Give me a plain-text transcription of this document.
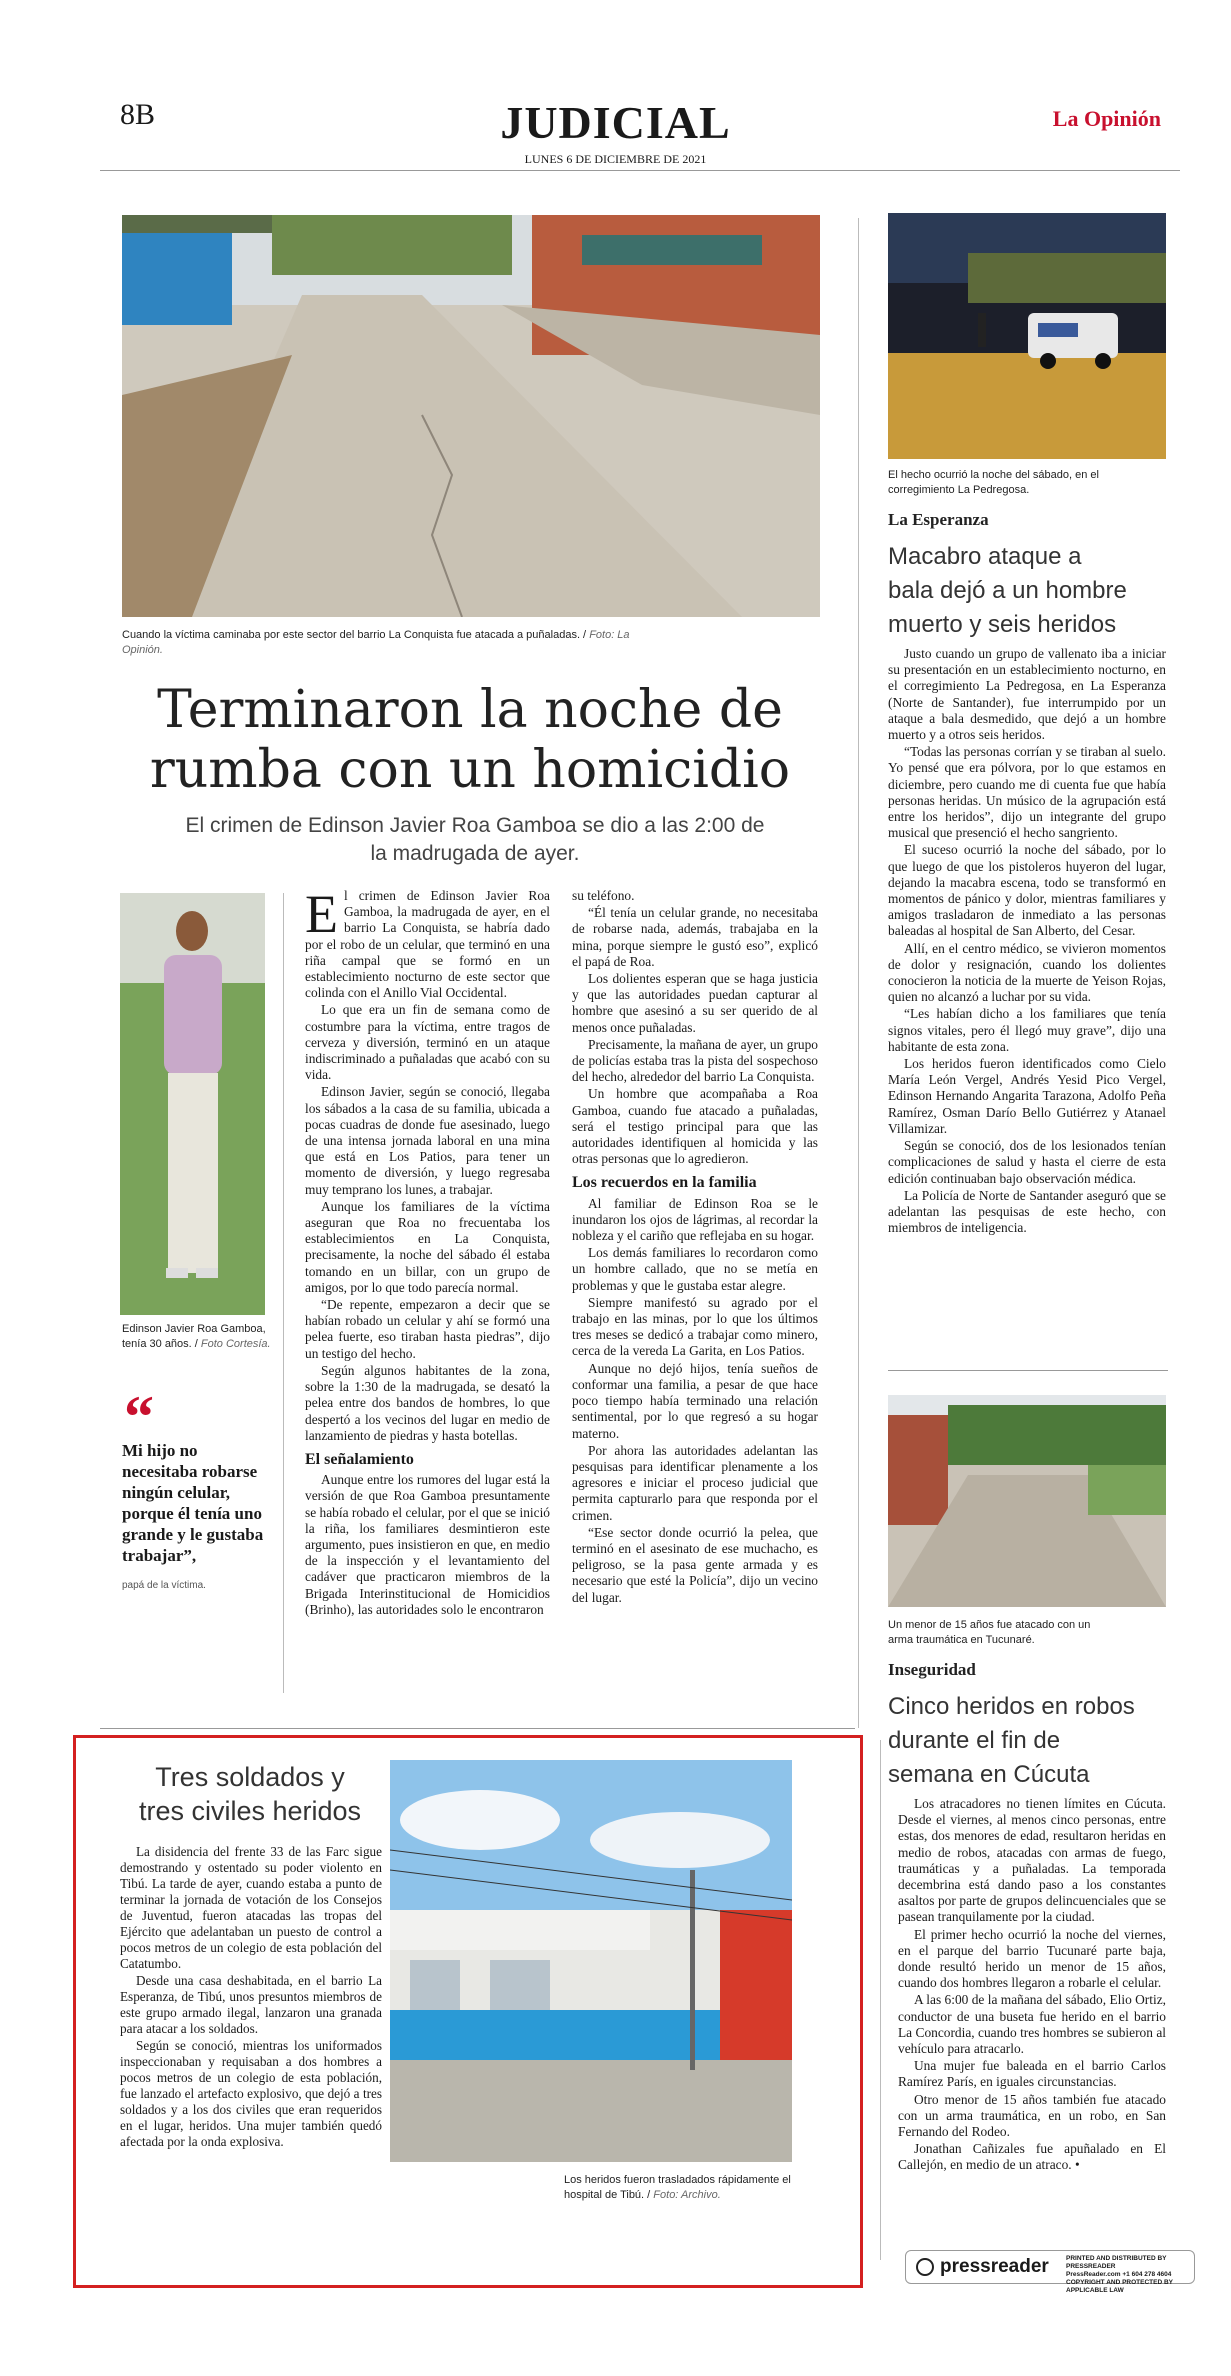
8B	JUDICIAL
LUNES 6 DE DICIEMBRE DE 2021
La Opinión
Cuando la víctima caminaba por este sector del barrio La Conquista fue atacada a puñaladas. / Foto: La Opinión.
Terminaron la noche de
rumba con un homicidio
El crimen de Edinson Javier Roa Gamboa se dio a las 2:00 de
la madrugada de ayer.
Edinson Javier Roa Gamboa, tenía 30 años. / Foto Cortesía.
“
Mi hijo no necesitaba robarse ningún celular, porque él tenía uno grande y le gustaba trabajar”,
papá de la víctima.

El crimen de Edinson Javier Roa Gamboa, la madrugada de ayer, en el barrio La Conquista, se habría dado por el robo de un celular, que terminó en una riña campal que se formó en un establecimiento nocturno de este sector que colinda con el Anillo Vial Occidental.

Lo que era un fin de semana como de costumbre para la víctima, entre tragos de cerveza y diversión, terminó en un ataque indiscriminado a puñaladas que acabó con su vida.

Edinson Javier, según se conoció, llegaba los sábados a la casa de su familia, ubicada a pocas cuadras de donde fue asesinado, luego de una intensa jornada laboral en una mina que está en Los Patios, para tener un momento de diversión, y luego regresaba muy temprano los lunes, a trabajar.

Aunque los familiares de la víctima aseguran que Roa no frecuentaba los establecimientos en La Conquista, precisamente, la noche del sábado él estaba tomando en un billar, con un grupo de amigos, por lo que todo parecía normal.

“De repente, empezaron a decir que se habían robado un celular y ahí se formó una pelea fuerte, eso tiraban hasta piedras”, dijo un testigo del hecho.

Según algunos habitantes de la zona, sobre la 1:30 de la madrugada, se desató la pelea entre dos bandos de hombres, lo que despertó a los vecinos del lugar en medio de lanzamiento de piedras y hasta botellas.

El señalamiento

Aunque entre los rumores del lugar está la versión de que Roa Gamboa presuntamente se había robado el celular, por el que se inició la riña, los familiares desmintieron este argumento, pues insistieron en que, en medio de la inspección y el levantamiento del cadáver que practicaron miembros de la Brigada Interinstitucional de Homicidios (Brinho), las autoridades solo le encontraron

su teléfono.

“Él tenía un celular grande, no necesitaba de robarse nada, además, trabajaba en la mina, porque siempre le gustó eso”, explicó el papá de Roa.

Los dolientes esperan que se haga justicia y que las autoridades puedan capturar al hombre que asesinó a su ser querido de al menos once puñaladas.

Precisamente, la mañana de ayer, un grupo de policías estaba tras la pista del sospechoso del hecho, alrededor del barrio La Conquista.

Un hombre que acompañaba a Roa Gamboa, cuando fue atacado a puñaladas, será el testigo principal para que las autoridades identifiquen al homicida y las otras personas que lo agredieron.

Los recuerdos en la familia

Al familiar de Edinson Roa se le inundaron los ojos de lágrimas, al recordar la nobleza y el cariño que reflejaba en su hogar.

Los demás familiares lo recordaron como un hombre callado, que no se metía en problemas y que le gustaba estar alegre.

Siempre manifestó su agrado por el trabajo en las minas, por lo que los últimos tres meses se dedicó a trabajar como minero, cerca de la vereda La Garita, en Los Patios.

Aunque no dejó hijos, tenía sueños de conformar una familia, a pesar de que hace poco tiempo había terminado una relación sentimental, por lo que regresó a su hogar materno.

Por ahora las autoridades adelantan las pesquisas para identificar plenamente a los agresores e iniciar el proceso judicial que permita capturarlo para que responda por el crimen.

“Ese sector donde ocurrió la pelea, que terminó en el asesinato de ese muchacho, es peligroso, se la pasa gente armada y es necesario que esté la Policía”, dijo un vecino del lugar.

El hecho ocurrió la noche del sábado, en el corregimiento La Pedregosa.
La Esperanza
Macabro ataque a
bala dejó a un hombre
muerto y seis heridos

Justo cuando un grupo de vallenato iba a iniciar su presentación en un establecimiento nocturno, en el corregimiento La Pedregosa, en La Esperanza (Norte de Santander), fue interrumpido por un ataque a bala desmedido, que dejó a un hombre muerto y a otros seis heridos.

“Todas las personas corrían y se tiraban al suelo. Yo pensé que era pólvora, por lo que estamos en diciembre, pero cuando me di cuenta fue que había personas heridas. Un músico de la agrupación está entre los heridos”, dijo un integrante del grupo musical que presenció el hecho sangriento.

El suceso ocurrió la noche del sábado, por lo que luego de que los pistoleros huyeron del lugar, dejando la macabra escena, todo se transformó en momentos de pánico y dolor, mientras familiares y amigos trasladaron de inmediato a las personas baleadas al hospital de San Alberto, del Cesar.

Allí, en el centro médico, se vivieron momentos de dolor y resignación, cuando los dolientes conocieron la noticia de la muerte de Yeison Rojas, quien no alcanzó a luchar por su vida.

“Les habían dicho a los familiares que tenía signos vitales, pero él llegó muy grave”, dijo una habitante de esta zona.

Los heridos fueron identificados como Cielo María León Vergel, Andrés Yesid Pico Vergel, Edinson Hernando Angarita Tarazona, Adolfo Peña Ramírez, Osman Darío Bello Gutiérrez y Atanael Villamizar.

Según se conoció, dos de los lesionados tenían complicaciones de salud y hasta el cierre de esta edición continuaban bajo observación médica.

La Policía de Norte de Santander aseguró que se adelantan las pesquisas de este hecho, con miembros de inteligencia.

Un menor de 15 años fue atacado con un arma traumática en Tucunaré.
Inseguridad
Cinco heridos en robos
durante el fin de
semana en Cúcuta

Los atracadores no tienen límites en Cúcuta. Desde el viernes, al menos cinco personas, entre estas, dos menores de edad, resultaron heridas en medio de robos, atacadas con armas de fuego, traumáticas y a puñaladas. La temporada decembrina está dando paso a los constantes asaltos por parte de grupos delincuenciales que se pasean tranquilamente por la ciudad.

El primer hecho ocurrió la noche del viernes, en el parque del barrio Tucunaré parte baja, donde resultó herido un menor de 15 años, cuando dos hombres llegaron a robarle el celular.

A las 6:00 de la mañana del sábado, Elio Ortiz, conductor de una buseta fue herido en el barrio La Concordia, cuando tres hombres se subieron al vehículo para atracarlo.

Una mujer fue baleada en el barrio Carlos Ramírez París, en iguales circunstancias.

Otro menor de 15 años también fue atacado con un arma traumática, en un robo, en San Fernando del Rodeo.

Jonathan Cañizales fue apuñalado en El Callejón, en medio de un atraco. •

Tres soldados y
tres civiles heridos

La disidencia del frente 33 de las Farc sigue demostrando y ostentado su poder violento en Tibú. La tarde de ayer, cuando estaba a punto de terminar la jornada de votación de los Consejos de Juventud, fueron atacadas las tropas del Ejército que adelantaban un puesto de control a pocos metros de un colegio de esta población del Catatumbo.

Desde una casa deshabitada, en el barrio La Esperanza, de Tibú, unos presuntos miembros de este grupo armado ilegal, lanzaron una granada para atacar a los soldados.

Según se conoció, mientras los uniformados inspeccionaban y requisaban a dos hombres a pocos metros de un colegio de esta población, fue lanzado el artefacto explosivo, que dejó a tres soldados y a los dos civiles que eran requeridos en el lugar, heridos. Una mujer también quedó afectada por la onda explosiva.

Los heridos fueron trasladados rápidamente el hospital de Tibú. / Foto: Archivo.
pressreader	PRINTED AND DISTRIBUTED BY PRESSREADER
PressReader.com +1 604 278 4604
COPYRIGHT AND PROTECTED BY APPLICABLE LAW
